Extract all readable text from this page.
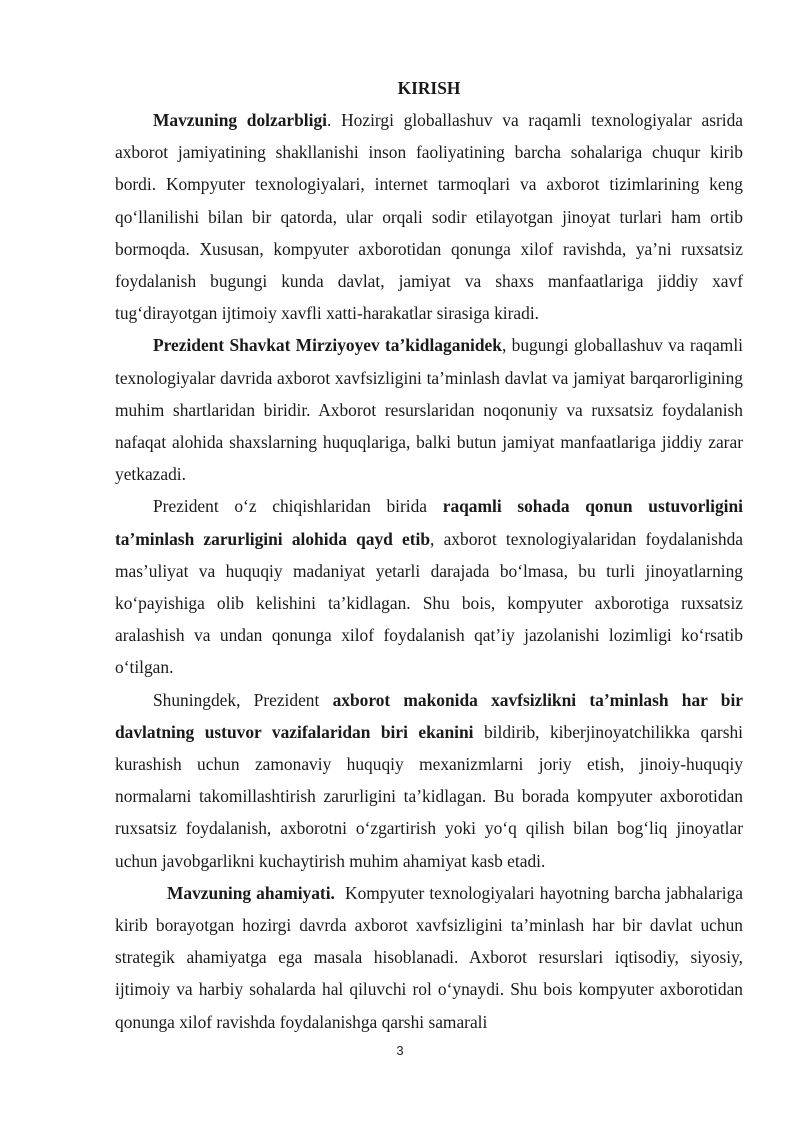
KIRISH

Mavzuning dolzarbligi. Hozirgi globallashuv va raqamli texnologiyalar asrida axborot jamiyatining shakllanishi inson faoliyatining barcha sohalariga chuqur kirib bordi. Kompyuter texnologiyalari, internet tarmoqlari va axborot tizimlarining keng qoʻllanilishi bilan bir qatorda, ular orqali sodir etilayotgan jinoyat turlari ham ortib bormoqda. Xususan, kompyuter axborotidan qonunga xilof ravishda, ya’ni ruxsatsiz foydalanish bugungi kunda davlat, jamiyat va shaxs manfaatlariga jiddiy xavf tugʻdirayotgan ijtimoiy xavfli xatti-harakatlar sirasiga kiradi.

Prezident Shavkat Mirziyoyev ta’kidlaganidek, bugungi globallashuv va raqamli texnologiyalar davrida axborot xavfsizligini ta’minlash davlat va jamiyat barqarorligining muhim shartlaridan biridir. Axborot resurslaridan noqonuniy va ruxsatsiz foydalanish nafaqat alohida shaxslarning huquqlariga, balki butun jamiyat manfaatlariga jiddiy zarar yetkazadi.

Prezident oʻz chiqishlaridan birida raqamli sohada qonun ustuvorligini ta’minlash zarurligini alohida qayd etib, axborot texnologiyalaridan foydalanishda mas’uliyat va huquqiy madaniyat yetarli darajada boʻlmasa, bu turli jinoyatlarning koʻpayishiga olib kelishini ta’kidlagan. Shu bois, kompyuter axborotiga ruxsatsiz aralashish va undan qonunga xilof foydalanish qat’iy jazolanishi lozimligi koʻrsatib oʻtilgan.

Shuningdek, Prezident axborot makonida xavfsizlikni ta’minlash har bir davlatning ustuvor vazifalaridan biri ekanini bildirib, kiberjinoyatchilikka qarshi kurashish uchun zamonaviy huquqiy mexanizmlarni joriy etish, jinoiy-huquqiy normalarni takomillashtirish zarurligini ta’kidlagan. Bu borada kompyuter axborotidan ruxsatsiz foydalanish, axborotni oʻzgartirish yoki yoʻq qilish bilan bogʻliq jinoyatlar uchun javobgarlikni kuchaytirish muhim ahamiyat kasb etadi.

Mavzuning ahamiyati.  Kompyuter texnologiyalari hayotning barcha jabhalariga kirib borayotgan hozirgi davrda axborot xavfsizligini ta’minlash har bir davlat uchun strategik ahamiyatga ega masala hisoblanadi. Axborot resurslari iqtisodiy, siyosiy, ijtimoiy va harbiy sohalarda hal qiluvchi rol oʻynaydi. Shu bois kompyuter axborotidan qonunga xilof ravishda foydalanishga qarshi samarali

3
